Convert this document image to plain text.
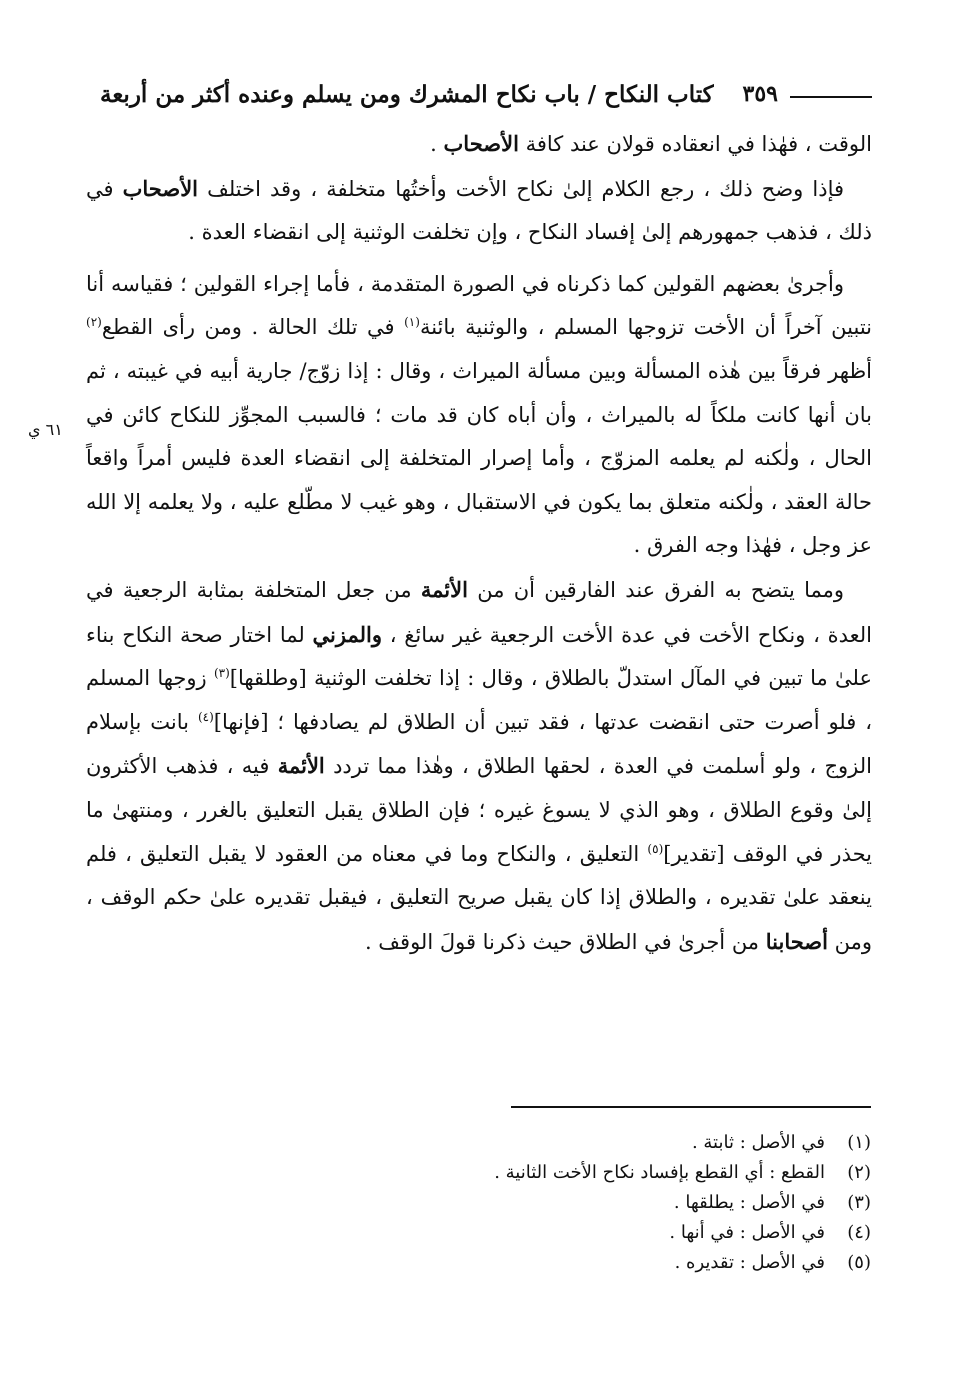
كتاب النكاح / باب نكاح المشرك ومن يسلم وعنده أكثر من أربعة ٣٥٩
٦١ ي

الوقت ، فهٰذا في انعقاده قولان عند كافة الأصحاب .

فإذا وضح ذلك ، رجع الكلام إلىٰ نكاح الأخت وأختُها متخلفة ، وقد اختلف الأصحاب في ذلك ، فذهب جمهورهم إلىٰ إفساد النكاح ، وإن تخلفت الوثنية إلى انقضاء العدة .

وأجرىٰ بعضهم القولين كما ذكرناه في الصورة المتقدمة ، فأما إجراء القولين ؛ فقياسه أنا نتبين آخراً أن الأخت تزوجها المسلم ، والوثنية بائنة$^{(١)}$ في تلك الحالة . ومن رأى القطع$^{(٢)}$ أظهر فرقاً بين هٰذه المسألة وبين مسألة الميراث ، وقال : إذا زوّج/ جارية أبيه في غيبته ، ثم بان أنها كانت ملكاً له بالميراث ، وأن أباه كان قد مات ؛ فالسبب المجوِّز للنكاح كائن في الحال ، ولٰكنه لم يعلمه المزوّج ، وأما إصرار المتخلفة إلى انقضاء العدة فليس أمراً واقعاً حالة العقد ، ولٰكنه متعلق بما يكون في الاستقبال ، وهو غيب لا مطّلع عليه ، ولا يعلمه إلا الله عز وجل ، فهٰذا وجه الفرق .

ومما يتضح به الفرق عند الفارقين أن من الأئمة من جعل المتخلفة بمثابة الرجعية في العدة ، ونكاح الأخت في عدة الأخت الرجعية غير سائغ ، والمزني لما اختار صحة النكاح بناء علىٰ ما تبين في المآل استدلّ بالطلاق ، وقال : إذا تخلفت الوثنية [وطلقها]$^{(٣)}$ زوجها المسلم ، فلو أصرت حتى انقضت عدتها ، فقد تبين أن الطلاق لم يصادفها ؛ [فإنها]$^{(٤)}$ بانت بإسلام الزوج ، ولو أسلمت في العدة ، لحقها الطلاق ، وهٰذا مما تردد الأئمة فيه ، فذهب الأكثرون إلىٰ وقوع الطلاق ، وهو الذي لا يسوغ غيره ؛ فإن الطلاق يقبل التعليق بالغرر ، ومنتهىٰ ما يحذر في الوقف [تقدير]$^{(٥)}$ التعليق ، والنكاح وما في معناه من العقود لا يقبل التعليق ، فلم ينعقد علىٰ تقديره ، والطلاق إذا كان يقبل صريح التعليق ، فيقبل تقديره علىٰ حكم الوقف ، ومن أصحابنا من أجرىٰ في الطلاق حيث ذكرنا قولَ الوقف .

(١)
في الأصل : ثابتة .
(٢)
القطع : أي القطع بإفساد نكاح الأخت الثانية .
(٣)
في الأصل : يطلقها .
(٤)
في الأصل : في أنها .
(٥)
في الأصل : تقديره .
